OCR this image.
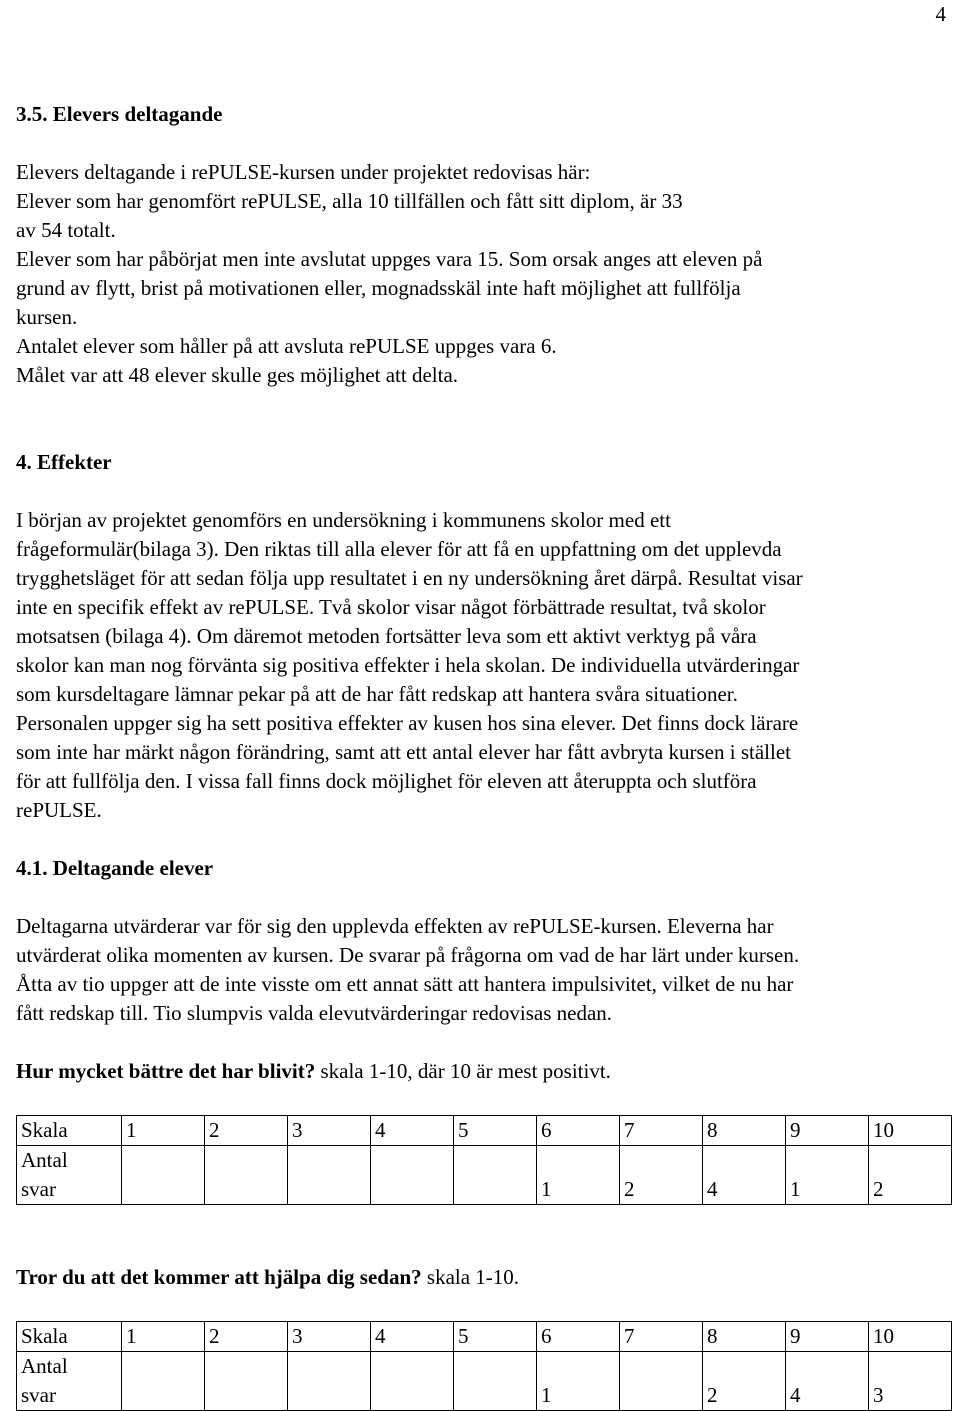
4
3.5. Elevers deltagande

Elevers deltagande i rePULSE-kursen under projektet redovisas här:

Elever som har genomfört rePULSE, alla 10 tillfällen och fått sitt diplom, är 33

av 54 totalt.

Elever som har påbörjat men inte avslutat uppges vara 15. Som orsak anges att eleven på

grund av flytt, brist på motivationen eller, mognadsskäl inte haft möjlighet att fullfölja

kursen.

Antalet elever som håller på att avsluta rePULSE uppges vara 6.

Målet var att 48 elever skulle ges möjlighet att delta.

4. Effekter

I början av projektet genomförs en undersökning i kommunens skolor med ett

frågeformulär(bilaga 3). Den riktas till alla elever för att få en uppfattning om det upplevda

trygghetsläget för att sedan följa upp resultatet i en ny undersökning året därpå. Resultat visar

inte en specifik effekt av rePULSE. Två skolor visar något förbättrade resultat, två skolor

motsatsen (bilaga 4). Om däremot metoden fortsätter leva som ett aktivt verktyg på våra

skolor kan man nog förvänta sig positiva effekter i hela skolan. De individuella utvärderingar

som kursdeltagare lämnar pekar på att de har fått redskap att hantera svåra situationer.

Personalen uppger sig ha sett positiva effekter av kusen hos sina elever. Det finns dock lärare

som inte har märkt någon förändring, samt att ett antal elever har fått avbryta kursen i stället

för att fullfölja den. I vissa fall finns dock möjlighet för eleven att återuppta och slutföra

rePULSE.

4.1. Deltagande elever

Deltagarna utvärderar var för sig den upplevda effekten av rePULSE-kursen. Eleverna har

utvärderat olika momenten av kursen. De svarar på frågorna om vad de har lärt under kursen.

Åtta av tio uppger att de inte visste om ett annat sätt att hantera impulsivitet, vilket de nu har

fått redskap till. Tio slumpvis valda elevutvärderingar redovisas nedan.

Hur mycket bättre det har blivit? skala 1-10, där 10 är mest positivt.

Skala	1	2	3	4	5	6	7	8	9	10
Antal
svar						1	2	4	1	2

Tror du att det kommer att hjälpa dig sedan? skala 1-10.

Skala	1	2	3	4	5	6	7	8	9	10
Antal
svar						1		2	4	3
